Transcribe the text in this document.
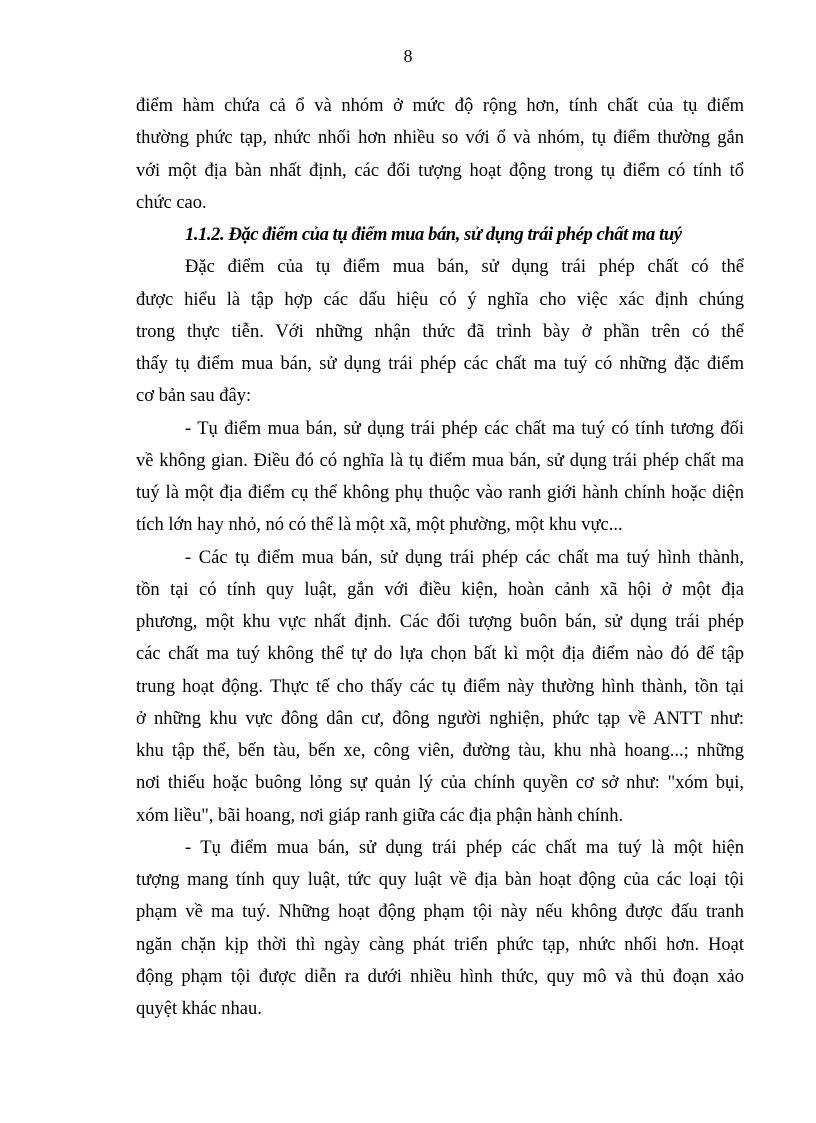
8
điểm hàm chứa cả ổ và nhóm ở mức độ rộng hơn, tính chất của tụ điểm
thường phức tạp, nhức nhối hơn nhiều so với ổ và nhóm, tụ điểm thường gắn
với một địa bàn nhất định, các đối tượng hoạt động trong tụ điểm có tính tổ
chức cao.
1.1.2. Đặc điểm của tụ điểm mua bán, sử dụng trái phép chất ma tuý
Đặc điểm của tụ điểm mua bán, sử dụng trái phép chất có thể
được hiểu là tập hợp các dấu hiệu có ý nghĩa cho việc xác định chúng
trong thực tiễn. Với những nhận thức đã trình bày ở phần trên có thể
thấy tụ điểm mua bán, sử dụng trái phép các chất ma tuý có những đặc điểm
cơ bản sau đây:
- Tụ điểm mua bán, sử dụng trái phép các chất ma tuý có tính tương đối
về không gian. Điều đó có nghĩa là tụ điểm mua bán, sử dụng trái phép chất ma
tuý là một địa điểm cụ thể không phụ thuộc vào ranh giới hành chính hoặc diện
tích lớn hay nhỏ, nó có thể là một xã, một phường, một khu vực...
- Các tụ điểm mua bán, sử dụng trái phép các chất ma tuý hình thành,
tồn tại có tính quy luật, gắn với điều kiện, hoàn cảnh xã hội ở một địa
phương, một khu vực nhất định. Các đối tượng buôn bán, sử dụng trái phép
các chất ma tuý không thể tự do lựa chọn bất kì một địa điểm nào đó để tập
trung hoạt động. Thực tế cho thấy các tụ điểm này thường hình thành, tồn tại
ở những khu vực đông dân cư, đông người nghiện, phức tạp về ANTT như:
khu tập thể, bến tàu, bến xe, công viên, đường tàu, khu nhà hoang...; những
nơi thiếu hoặc buông lỏng sự quản lý của chính quyền cơ sở như: "xóm bụi,
xóm liều", bãi hoang, nơi giáp ranh giữa các địa phận hành chính.
- Tụ điểm mua bán, sử dụng trái phép các chất ma tuý là một hiện
tượng mang tính quy luật, tức quy luật về địa bàn hoạt động của các loại tội
phạm về ma tuý. Những hoạt động phạm tội này nếu không được đấu tranh
ngăn chặn kịp thời thì ngày càng phát triển phức tạp, nhức nhối hơn. Hoạt
động phạm tội được diễn ra dưới nhiều hình thức, quy mô và thủ đoạn xảo
quyệt khác nhau.
